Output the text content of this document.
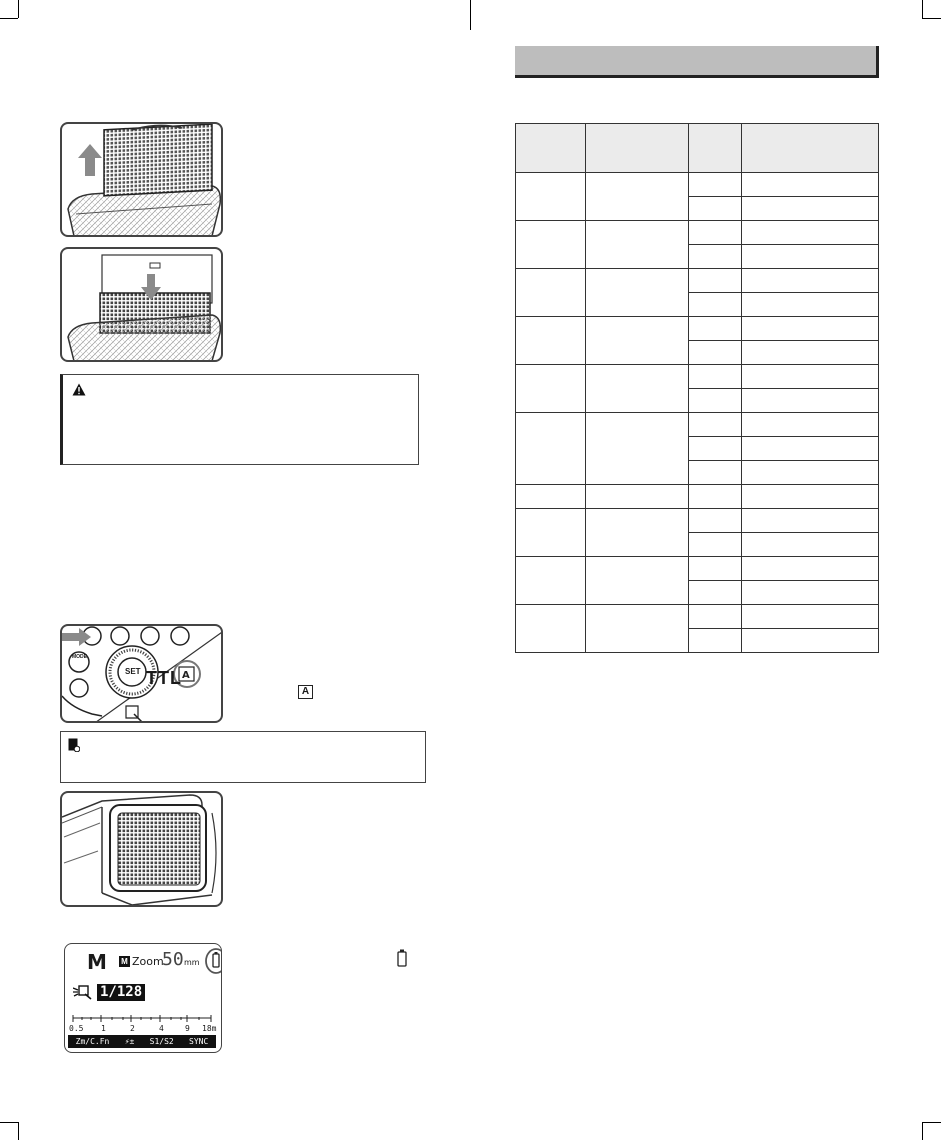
A
MODE
SET TTL
A
M M Zoom
50 mm
1/128
0.5 1	2	4	9 18m
Zm/C.Fn ⚡± S1/S2 SYNC
